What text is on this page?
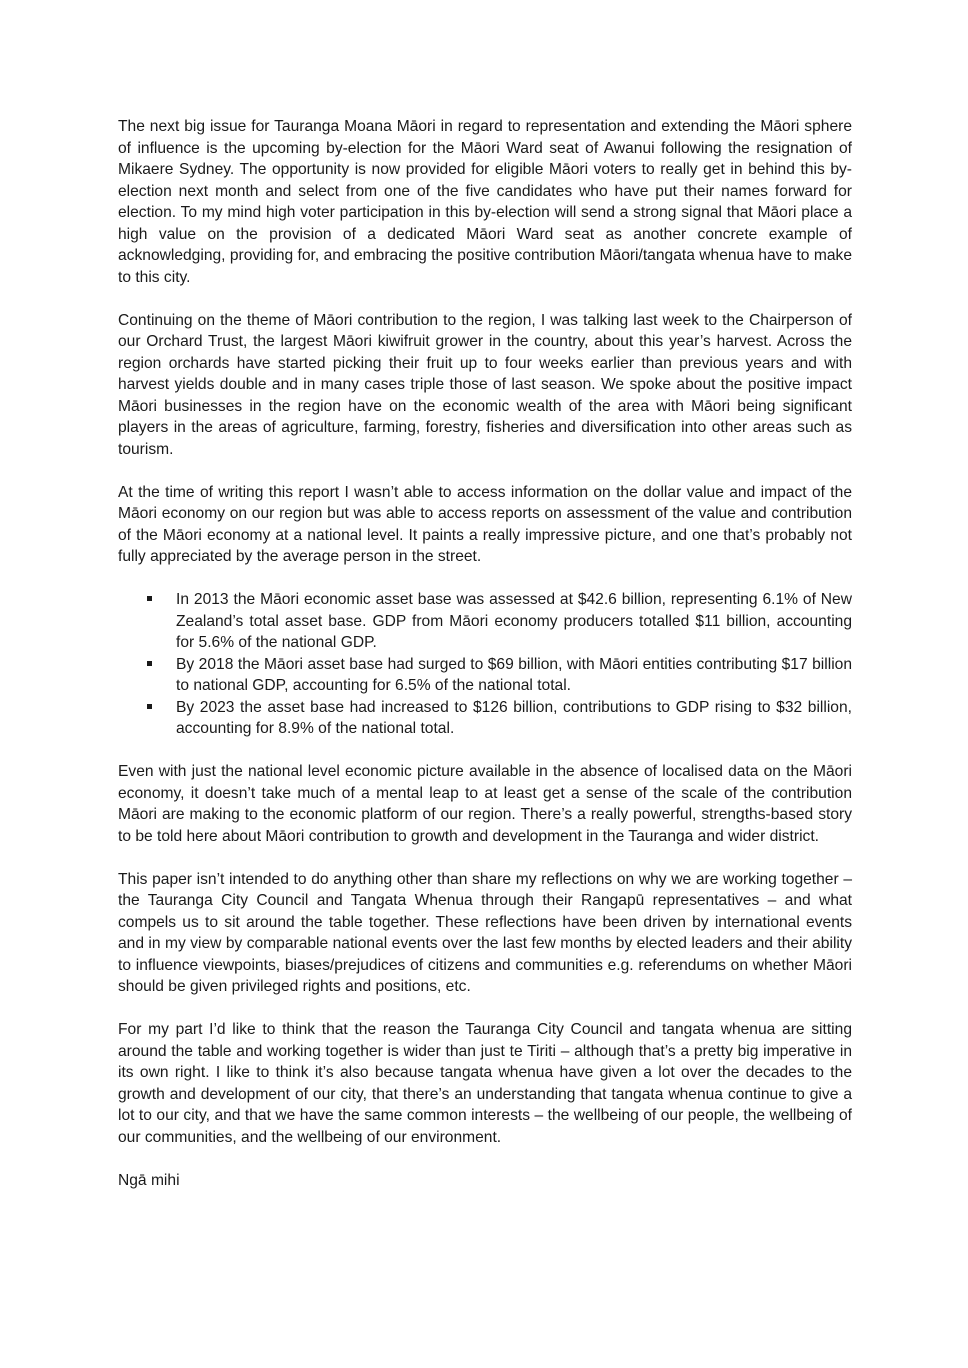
The next big issue for Tauranga Moana Māori in regard to representation and extending the Māori sphere of influence is the upcoming by-election for the Māori Ward seat of Awanui following the resignation of Mikaere Sydney. The opportunity is now provided for eligible Māori voters to really get in behind this by-election next month and select from one of the five candidates who have put their names forward for election. To my mind high voter participation in this by-election will send a strong signal that Māori place a high value on the provision of a dedicated Māori Ward seat as another concrete example of acknowledging, providing for, and embracing the positive contribution Māori/tangata whenua have to make to this city.

Continuing on the theme of Māori contribution to the region, I was talking last week to the Chairperson of our Orchard Trust, the largest Māori kiwifruit grower in the country, about this year’s harvest. Across the region orchards have started picking their fruit up to four weeks earlier than previous years and with harvest yields double and in many cases triple those of last season. We spoke about the positive impact Māori businesses in the region have on the economic wealth of the area with Māori being significant players in the areas of agriculture, farming, forestry, fisheries and diversification into other areas such as tourism.

At the time of writing this report I wasn’t able to access information on the dollar value and impact of the Māori economy on our region but was able to access reports on assessment of the value and contribution of the Māori economy at a national level. It paints a really impressive picture, and one that’s probably not fully appreciated by the average person in the street.

In 2013 the Māori economic asset base was assessed at $42.6 billion, representing 6.1% of New Zealand’s total asset base. GDP from Māori economy producers totalled $11 billion, accounting for 5.6% of the national GDP.
By 2018 the Māori asset base had surged to $69 billion, with Māori entities contributing $17 billion to national GDP, accounting for 6.5% of the national total.
By 2023 the asset base had increased to $126 billion, contributions to GDP rising to $32 billion, accounting for 8.9% of the national total.

Even with just the national level economic picture available in the absence of localised data on the Māori economy, it doesn’t take much of a mental leap to at least get a sense of the scale of the contribution Māori are making to the economic platform of our region. There’s a really powerful, strengths-based story to be told here about Māori contribution to growth and development in the Tauranga and wider district.

This paper isn’t intended to do anything other than share my reflections on why we are working together – the Tauranga City Council and Tangata Whenua through their Rangapū representatives – and what compels us to sit around the table together. These reflections have been driven by international events and in my view by comparable national events over the last few months by elected leaders and their ability to influence viewpoints, biases/prejudices of citizens and communities e.g. referendums on whether Māori should be given privileged rights and positions, etc.

For my part I’d like to think that the reason the Tauranga City Council and tangata whenua are sitting around the table and working together is wider than just te Tiriti – although that’s a pretty big imperative in its own right. I like to think it’s also because tangata whenua have given a lot over the decades to the growth and development of our city, that there’s an understanding that tangata whenua continue to give a lot to our city, and that we have the same common interests – the wellbeing of our people, the wellbeing of our communities, and the wellbeing of our environment.

Ngā mihi
